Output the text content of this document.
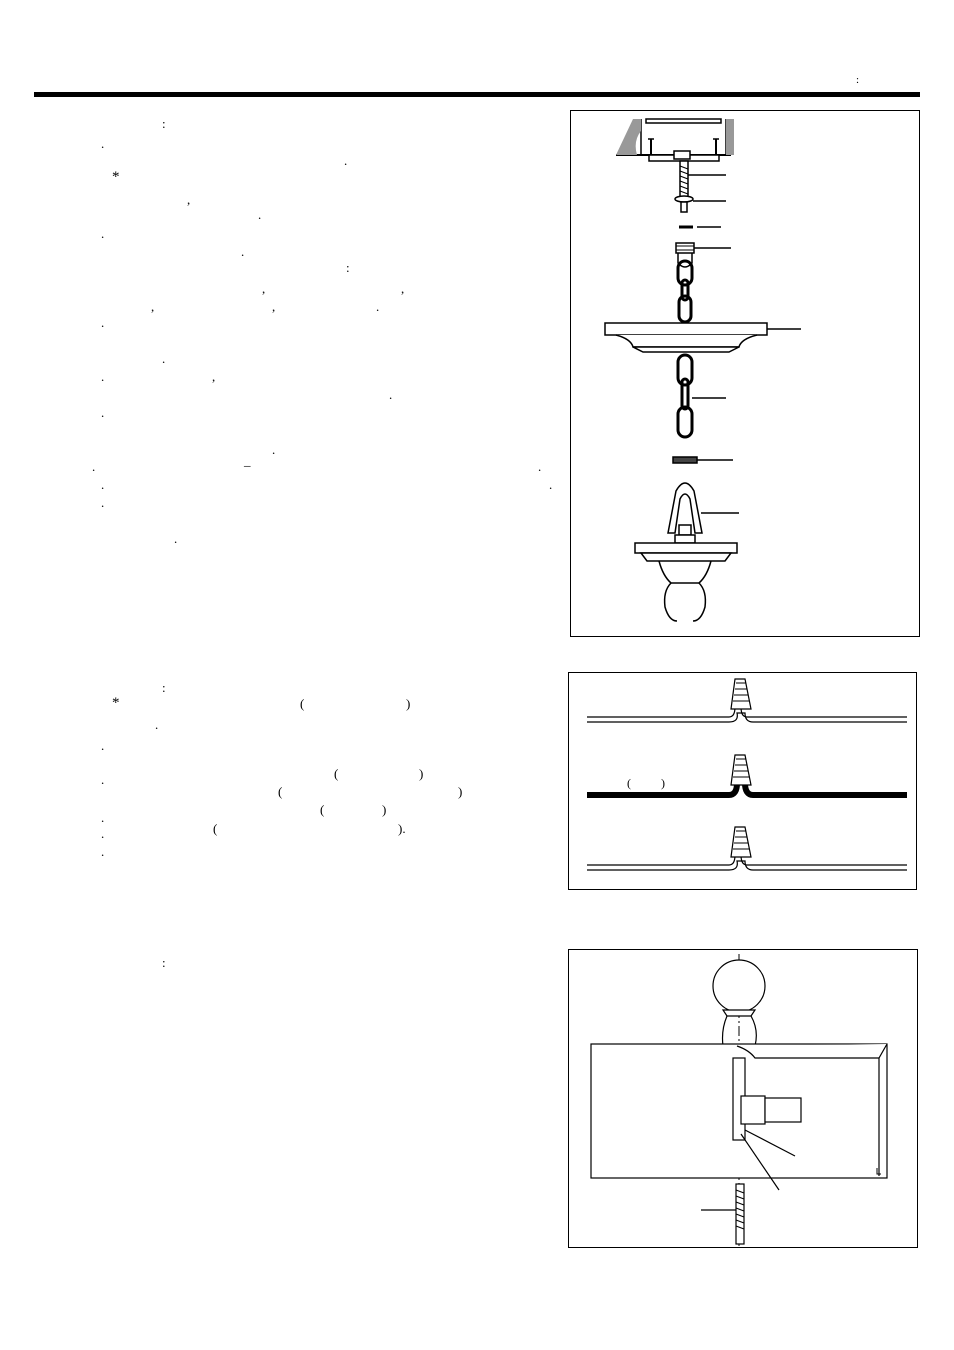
:
:
.
.
*
,
.
.
.
:
,	,
,	,	.
.
.
.	,
.
.
.
.	_	.
.	.
.
.
:
*	(	)
.
.
.	(	)
(	)
.
(	)
.	(	).
.
:
(          )
